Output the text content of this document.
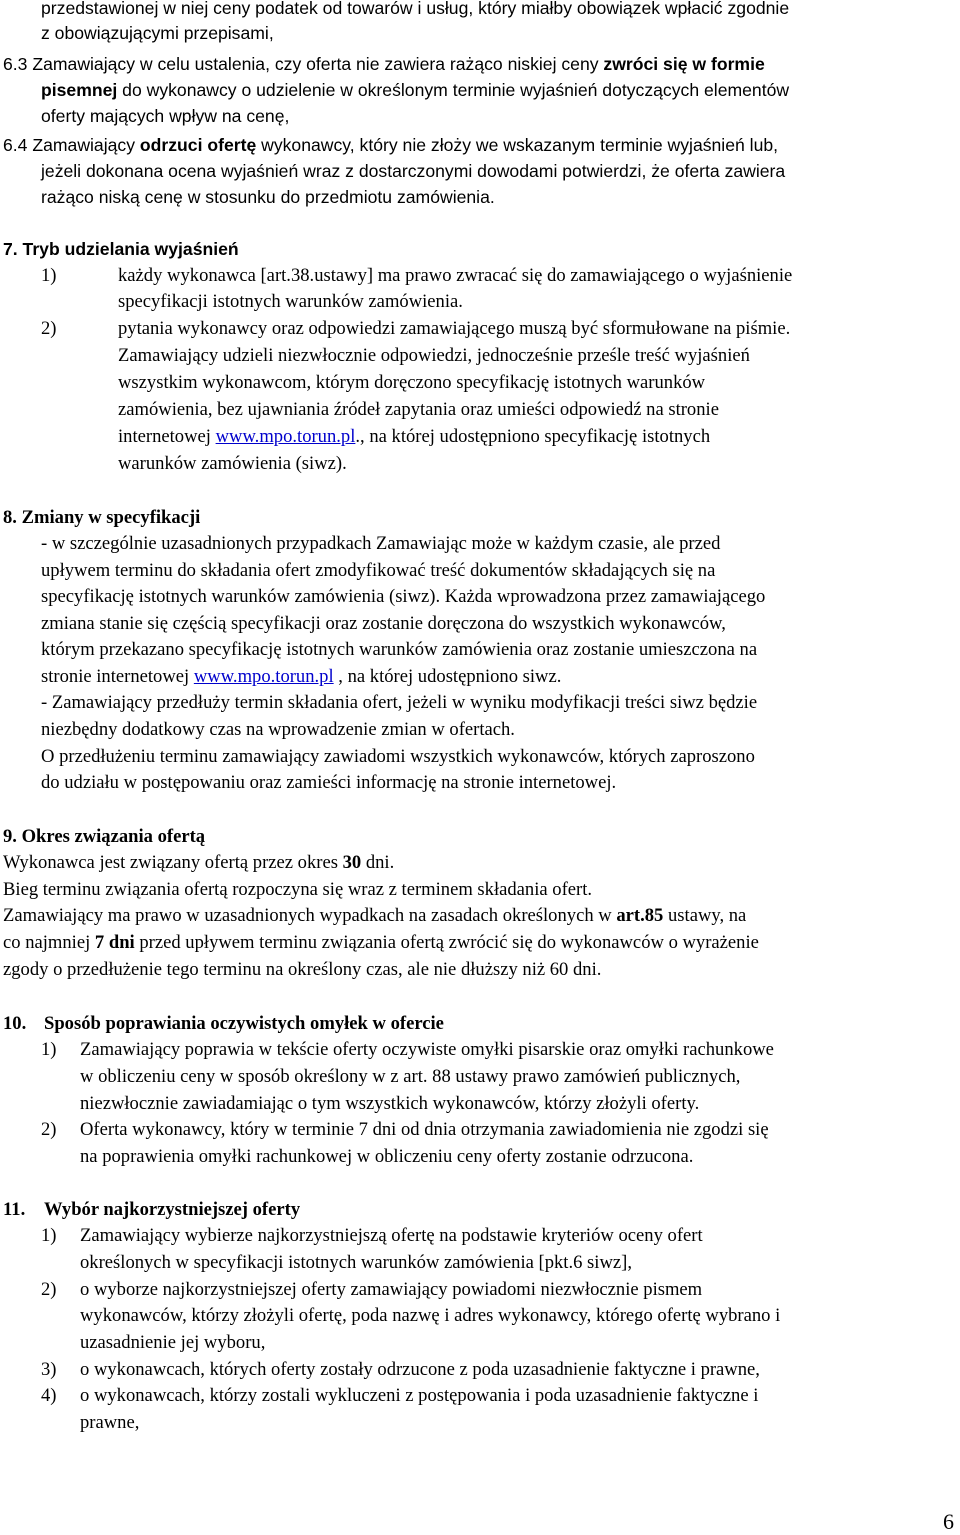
przedstawionej w niej ceny podatek od towarów i usług, który miałby obowiązek wpłacić zgodnie
z obowiązującymi przepisami,
6.3 Zamawiający w celu ustalenia, czy oferta nie zawiera rażąco niskiej ceny zwróci się w formie
pisemnej do wykonawcy o udzielenie w określonym terminie wyjaśnień dotyczących elementów
oferty mających wpływ na cenę,
6.4 Zamawiający odrzuci ofertę wykonawcy, który nie złoży we wskazanym terminie wyjaśnień lub,
jeżeli dokonana ocena wyjaśnień wraz z dostarczonymi dowodami potwierdzi, że oferta zawiera
rażąco niską cenę w stosunku do przedmiotu zamówienia.
7. Tryb udzielania wyjaśnień
1)	każdy wykonawca [art.38.ustawy] ma prawo zwracać się do zamawiającego o wyjaśnienie
specyfikacji istotnych warunków zamówienia.
2)	pytania wykonawcy oraz odpowiedzi zamawiającego muszą być sformułowane na piśmie.
Zamawiający udzieli niezwłocznie odpowiedzi, jednocześnie prześle treść wyjaśnień
wszystkim wykonawcom, którym doręczono specyfikację istotnych warunków
zamówienia, bez ujawniania źródeł zapytania oraz umieści odpowiedź na stronie
internetowej www.mpo.torun.pl., na której udostępniono specyfikację istotnych
warunków zamówienia (siwz).
8. Zmiany w specyfikacji
- w szczególnie uzasadnionych przypadkach Zamawiając może w każdym czasie, ale przed
upływem terminu do składania ofert zmodyfikować treść dokumentów składających się na
specyfikację istotnych warunków zamówienia (siwz). Każda wprowadzona przez zamawiającego
zmiana stanie się częścią specyfikacji oraz zostanie doręczona do wszystkich wykonawców,
którym przekazano specyfikację istotnych warunków zamówienia oraz zostanie umieszczona na
stronie internetowej www.mpo.torun.pl , na której udostępniono siwz.
- Zamawiający przedłuży termin składania ofert, jeżeli w wyniku modyfikacji treści siwz będzie
niezbędny dodatkowy czas na wprowadzenie zmian w ofertach.
O przedłużeniu terminu zamawiający zawiadomi wszystkich wykonawców, których zaproszono
do udziału w postępowaniu oraz zamieści informację na stronie internetowej.
9. Okres związania ofertą
Wykonawca jest związany ofertą przez okres 30 dni.
Bieg terminu związania ofertą rozpoczyna się wraz z terminem składania ofert.
Zamawiający ma prawo w uzasadnionych wypadkach na zasadach określonych w art.85 ustawy, na
co najmniej 7 dni przed upływem terminu związania ofertą zwrócić się do wykonawców o wyrażenie
zgody o przedłużenie tego terminu na określony czas, ale nie dłuższy niż 60 dni.
10. Sposób poprawiania oczywistych omyłek w ofercie
1) Zamawiający poprawia w tekście oferty oczywiste omyłki pisarskie oraz omyłki rachunkowe
w obliczeniu ceny w sposób określony w z art. 88 ustawy prawo zamówień publicznych,
niezwłocznie zawiadamiając o tym wszystkich wykonawców, którzy złożyli oferty.
2) Oferta wykonawcy, który w terminie 7 dni od dnia otrzymania zawiadomienia nie zgodzi się
na poprawienia omyłki rachunkowej w obliczeniu ceny oferty zostanie odrzucona.
11. Wybór najkorzystniejszej oferty
1) Zamawiający wybierze najkorzystniejszą ofertę na podstawie kryteriów oceny ofert
określonych w specyfikacji istotnych warunków zamówienia [pkt.6 siwz],
2) o wyborze najkorzystniejszej oferty zamawiający powiadomi niezwłocznie pismem
wykonawców, którzy złożyli ofertę, poda nazwę i adres wykonawcy, którego ofertę wybrano i
uzasadnienie jej wyboru,
3) o wykonawcach, których oferty zostały odrzucone z poda uzasadnienie faktyczne i prawne,
4) o wykonawcach, którzy zostali wykluczeni z postępowania i poda uzasadnienie faktyczne i
prawne,
6
